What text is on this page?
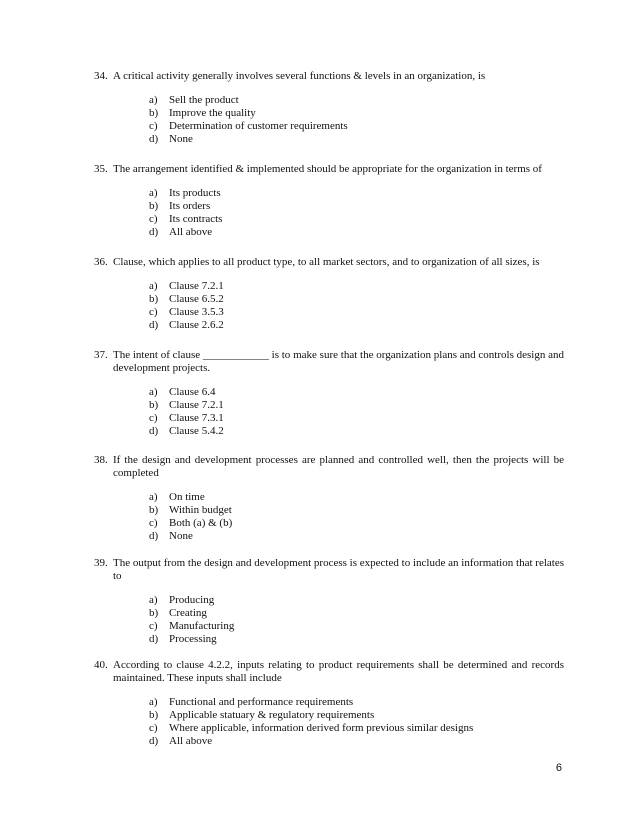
34. A critical activity generally involves several functions & levels in an organization, is
a) Sell the product
b) Improve the quality
c) Determination of customer requirements
d) None
35. The arrangement identified & implemented should be appropriate for the organization in terms of
a) Its products
b) Its orders
c) Its contracts
d) All above
36. Clause, which applies to all product type, to all market sectors, and to organization of all sizes, is
a) Clause 7.2.1
b) Clause 6.5.2
c) Clause 3.5.3
d) Clause 2.6.2
37. The intent of clause ____________ is to make sure that the organization plans and controls design and development projects.
a) Clause 6.4
b) Clause 7.2.1
c) Clause 7.3.1
d) Clause 5.4.2
38. If the design and development processes are planned and controlled well, then the projects will be completed
a) On time
b) Within budget
c) Both (a) & (b)
d) None
39. The output from the design and development process is expected to include an information that relates to
a) Producing
b) Creating
c) Manufacturing
d) Processing
40. According to clause 4.2.2, inputs relating to product requirements shall be determined and records maintained. These inputs shall include
a) Functional and performance requirements
b) Applicable statuary & regulatory requirements
c) Where applicable, information derived form previous similar designs
d) All above
6
